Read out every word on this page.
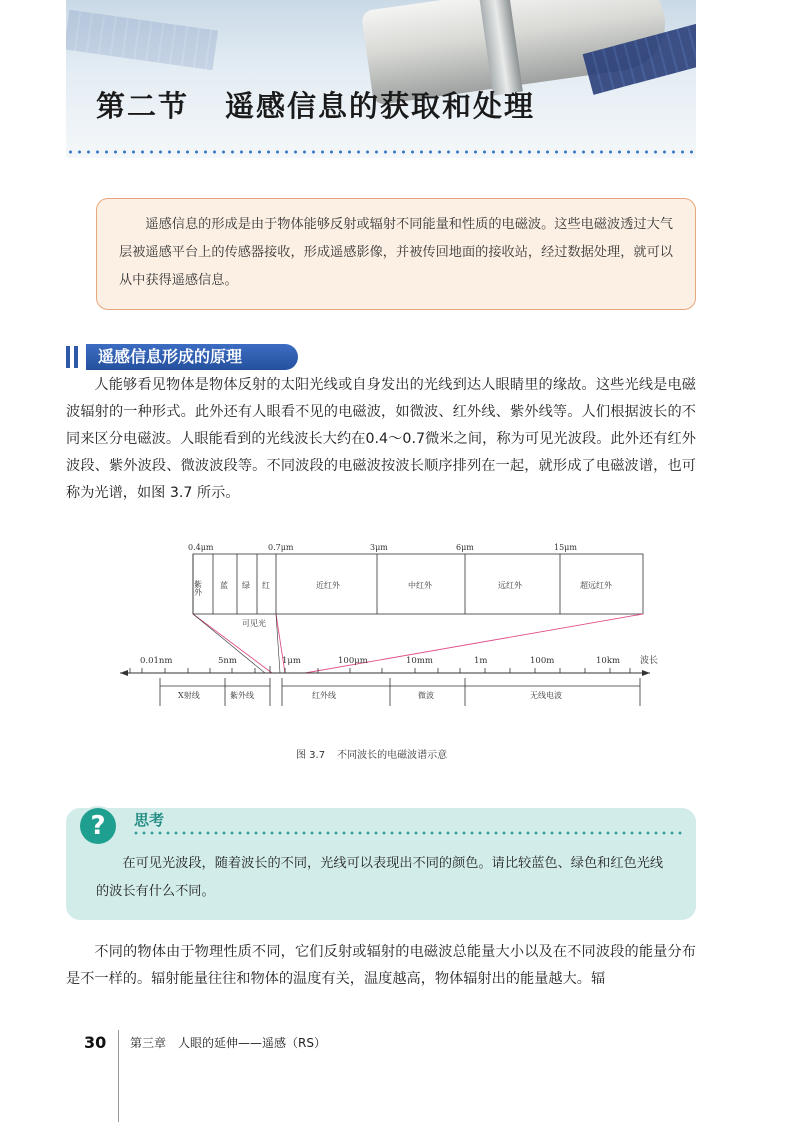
第二节 遥感信息的获取和处理
遥感信息的形成是由于物体能够反射或辐射不同能量和性质的电磁波。这些电磁波透过大气层被遥感平台上的传感器接收，形成遥感影像，并被传回地面的接收站，经过数据处理，就可以从中获得遥感信息。
遥感信息形成的原理

人能够看见物体是物体反射的太阳光线或自身发出的光线到达人眼睛里的缘故。这些光线是电磁波辐射的一种形式。此外还有人眼看不见的电磁波，如微波、红外线、紫外线等。人们根据波长的不同来区分电磁波。人眼能看到的光线波长大约在0.4～0.7微米之间，称为可见光波段。此外还有红外波段、紫外波段、微波波段等。不同波段的电磁波按波长顺序排列在一起，就形成了电磁波谱，也可称为光谱，如图 3.7 所示。

0.4μm	0.7μm	3μm	6μm	15μm
紫外 蓝 绿 红	近红外	中红外	远红外	超远红外
可见光
0.01nm	5nm	1μm	100μm	10mm	1m	100m	10km 波长
X射线	紫外线	红外线	微波	无线电波
图 3.7 不同波长的电磁波谱示意
?	思考
在可见光波段，随着波长的不同，光线可以表现出不同的颜色。请比较蓝色、绿色和红色光线的波长有什么不同。

不同的物体由于物理性质不同，它们反射或辐射的电磁波总能量大小以及在不同波段的能量分布是不一样的。辐射能量往往和物体的温度有关，温度越高，物体辐射出的能量越大。辐

30 第三章　人眼的延伸——遥感（RS）
